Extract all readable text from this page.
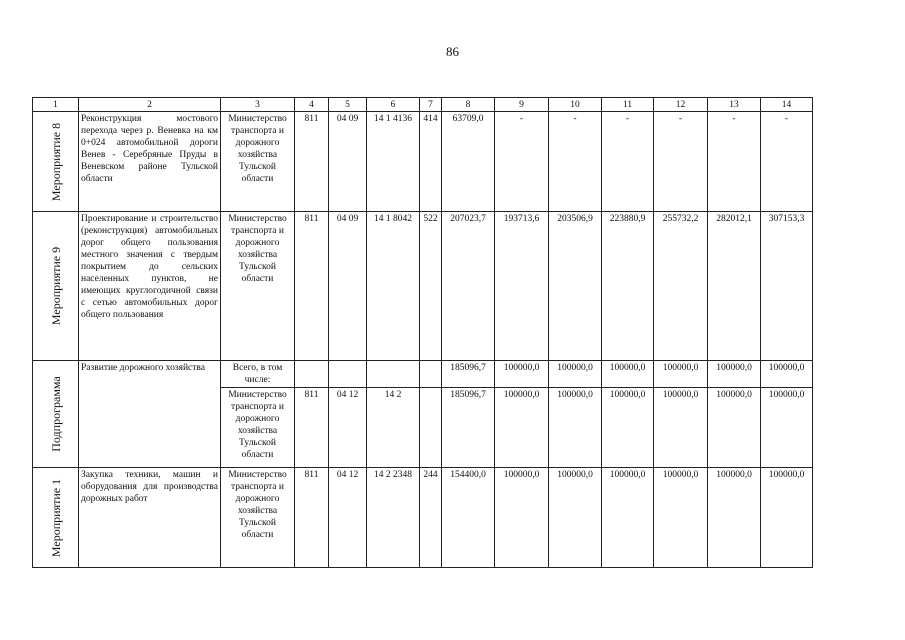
86
1	2	3	4	5	6	7	8	9	10	11	12	13	14

Мероприятие 8	Реконструкция мостового перехода через р. Веневка на км 0+024 автомобильной дороги Венев - Серебряные Пруды в Веневском районе Тульской области	Министерство транспорта и дорожного хозяйства Тульской области	811	04 09	14 1 4136	414	63709,0	-	-	-	-	-	-

Мероприятие 9	Проектирование и строительство (реконструкция) автомобильных дорог общего пользования местного значения с твердым покрытием до сельских населенных пунктов, не имеющих круглогодичной связи с сетью автомобильных дорог общего пользования	Министерство транспорта и дорожного хозяйства Тульской области	811	04 09	14 1 8042	522	207023,7	193713,6	203506,9	223880,9	255732,2	282012,1	307153,3

Подпрограмма	Развитие дорожного хозяйства	Всего, в том числе:					185096,7	100000,0	100000,0	100000,0	100000,0	100000,0	100000,0
		Министерство транспорта и дорожного хозяйства Тульской области	811	04 12	14 2		185096,7	100000,0	100000,0	100000,0	100000,0	100000,0	100000,0

Мероприятие 1	Закупка техники, машин и оборудования для производства дорожных работ	Министерство транспорта и дорожного хозяйства Тульской области	811	04 12	14 2 2348	244	154400,0	100000,0	100000,0	100000,0	100000,0	100000,0	100000,0
